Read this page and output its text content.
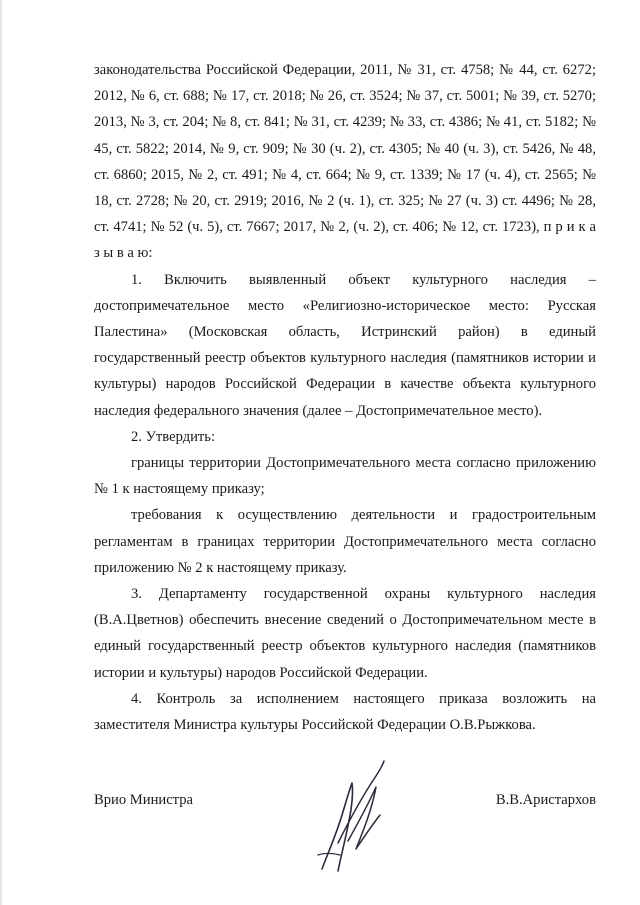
законодательства Российской Федерации, 2011, № 31, ст. 4758; № 44, ст. 6272; 2012, № 6, ст. 688; № 17, ст. 2018; № 26, ст. 3524; № 37, ст. 5001; № 39, ст. 5270; 2013, № 3, ст. 204; № 8, ст. 841; № 31, ст. 4239; № 33, ст. 4386; № 41, ст. 5182; № 45, ст. 5822; 2014, № 9, ст. 909; № 30 (ч. 2), ст. 4305; № 40 (ч. 3), ст. 5426, № 48, ст. 6860; 2015, № 2, ст. 491; № 4, ст. 664; № 9, ст. 1339; № 17 (ч. 4), ст. 2565; № 18, ст. 2728; № 20, ст. 2919; 2016, № 2 (ч. 1), ст. 325; № 27 (ч. 3) ст. 4496; № 28, ст. 4741; № 52 (ч. 5), ст. 7667; 2017, № 2, (ч. 2), ст. 406; № 12, ст. 1723), п р и к а з ы в а ю:

1. Включить выявленный объект культурного наследия – достопримечательное место «Религиозно-историческое место: Русская Палестина» (Московская область, Истринский район) в единый государственный реестр объектов культурного наследия (памятников истории и культуры) народов Российской Федерации в качестве объекта культурного наследия федерального значения (далее – Достопримечательное место).

2. Утвердить:

границы территории Достопримечательного места согласно приложению № 1 к настоящему приказу;

требования к осуществлению деятельности и градостроительным регламентам в границах территории Достопримечательного места согласно приложению № 2 к настоящему приказу.

3. Департаменту государственной охраны культурного наследия (В.А.Цветнов) обеспечить внесение сведений о Достопримечательном месте в единый государственный реестр объектов культурного наследия (памятников истории и культуры) народов Российской Федерации.

4. Контроль за исполнением настоящего приказа возложить на заместителя Министра культуры Российской Федерации О.В.Рыжкова.

Врио Министра	В.В.Аристархов
